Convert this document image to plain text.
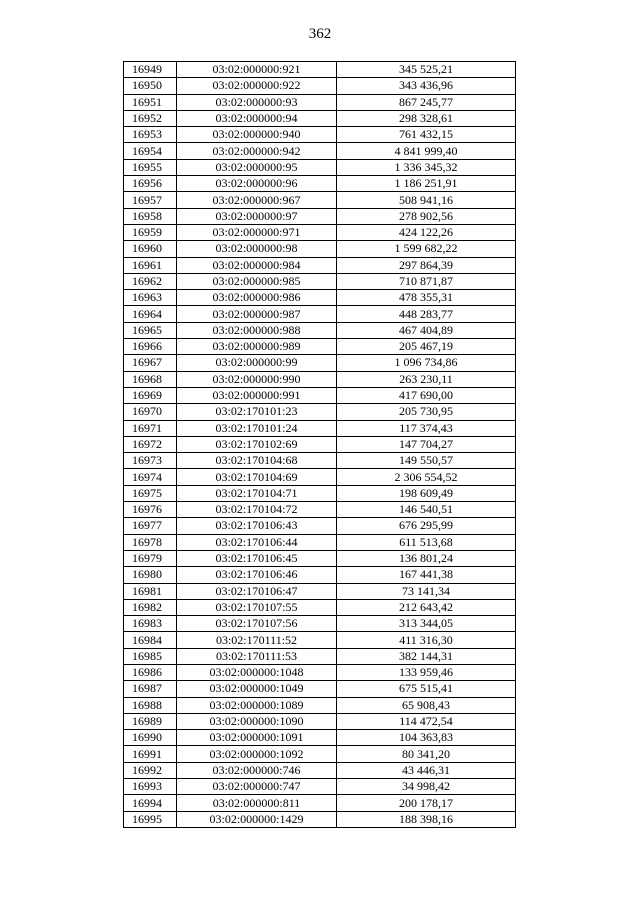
362
16949	03:02:000000:921	345 525,21
16950	03:02:000000:922	343 436,96
16951	03:02:000000:93	867 245,77
16952	03:02:000000:94	298 328,61
16953	03:02:000000:940	761 432,15
16954	03:02:000000:942	4 841 999,40
16955	03:02:000000:95	1 336 345,32
16956	03:02:000000:96	1 186 251,91
16957	03:02:000000:967	508 941,16
16958	03:02:000000:97	278 902,56
16959	03:02:000000:971	424 122,26
16960	03:02:000000:98	1 599 682,22
16961	03:02:000000:984	297 864,39
16962	03:02:000000:985	710 871,87
16963	03:02:000000:986	478 355,31
16964	03:02:000000:987	448 283,77
16965	03:02:000000:988	467 404,89
16966	03:02:000000:989	205 467,19
16967	03:02:000000:99	1 096 734,86
16968	03:02:000000:990	263 230,11
16969	03:02:000000:991	417 690,00
16970	03:02:170101:23	205 730,95
16971	03:02:170101:24	117 374,43
16972	03:02:170102:69	147 704,27
16973	03:02:170104:68	149 550,57
16974	03:02:170104:69	2 306 554,52
16975	03:02:170104:71	198 609,49
16976	03:02:170104:72	146 540,51
16977	03:02:170106:43	676 295,99
16978	03:02:170106:44	611 513,68
16979	03:02:170106:45	136 801,24
16980	03:02:170106:46	167 441,38
16981	03:02:170106:47	73 141,34
16982	03:02:170107:55	212 643,42
16983	03:02:170107:56	313 344,05
16984	03:02:170111:52	411 316,30
16985	03:02:170111:53	382 144,31
16986	03:02:000000:1048	133 959,46
16987	03:02:000000:1049	675 515,41
16988	03:02:000000:1089	65 908,43
16989	03:02:000000:1090	114 472,54
16990	03:02:000000:1091	104 363,83
16991	03:02:000000:1092	80 341,20
16992	03:02:000000:746	43 446,31
16993	03:02:000000:747	34 998,42
16994	03:02:000000:811	200 178,17
16995	03:02:000000:1429	188 398,16
